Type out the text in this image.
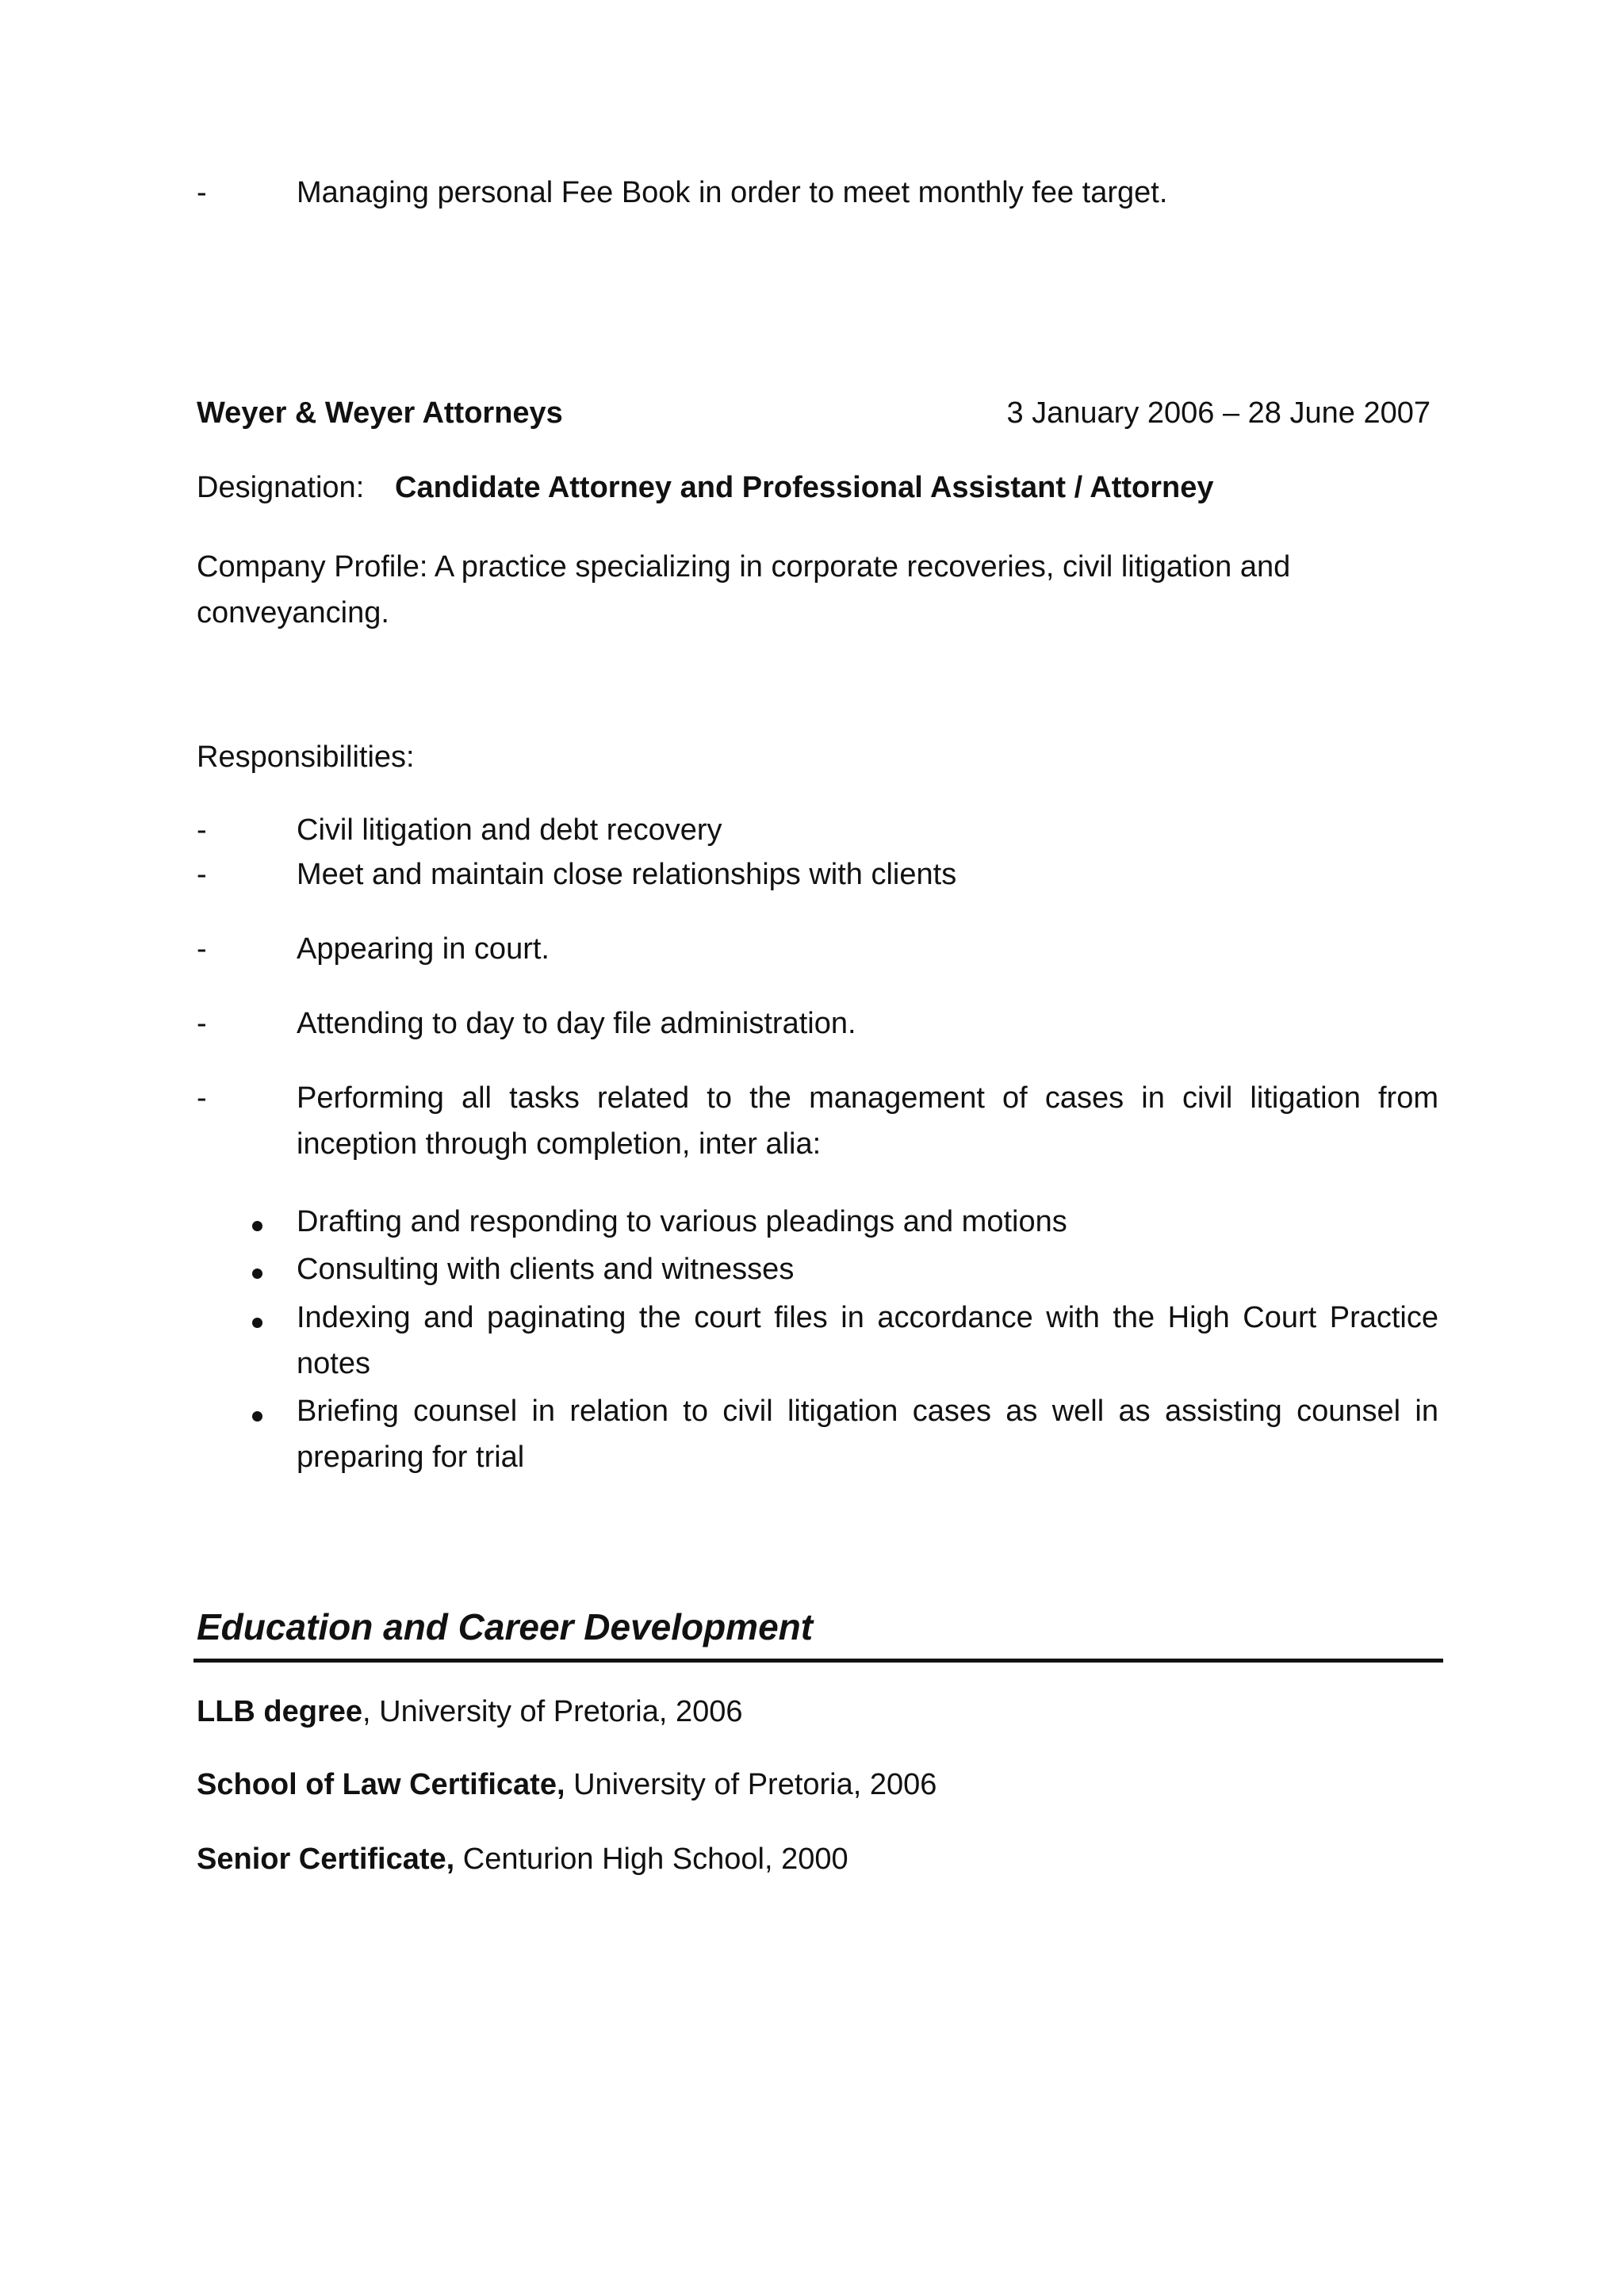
-	Managing personal Fee Book in order to meet monthly fee target.
Weyer & Weyer Attorneys	3 January 2006 – 28 June 2007
Designation: Candidate Attorney and Professional Assistant / Attorney
Company Profile: A practice specializing in corporate recoveries, civil litigation and conveyancing.
Responsibilities:
-	Civil litigation and debt recovery
-	Meet and maintain close relationships with clients
-	Appearing in court.
-	Attending to day to day file administration.
-	Performing all tasks related to the management of cases in civil litigation from inception through completion, inter alia:
Drafting and responding to various pleadings and motions
Consulting with clients and witnesses
Indexing and paginating the court files in accordance with the High Court Practice notes
Briefing counsel in relation to civil litigation cases as well as assisting counsel in preparing for trial
Education and Career Development
LLB degree, University of Pretoria, 2006
School of Law Certificate, University of Pretoria, 2006
Senior Certificate, Centurion High School, 2000
